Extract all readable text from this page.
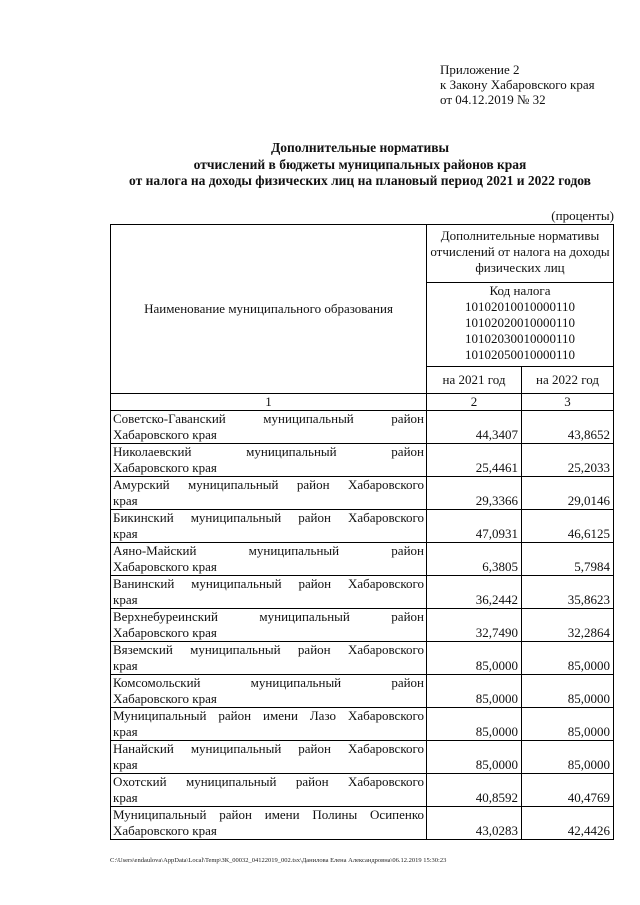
Приложение 2
к Закону Хабаровского края
от 04.12.2019 № 32
Дополнительные нормативы
отчислений в бюджеты муниципальных районов края
от налога на доходы физических лиц на плановый период 2021 и 2022 годов
(проценты)
Наименование муниципального образования	Дополнительные нормативы отчислений от налога на доходы физических лиц	

	Код налога
10102010010000110
10102020010000110
10102030010000110
10102050010000110	

	на 2021 год	на 2022 год
1	2	3
Советско-Гаванский муниципальный район
Хабаровского края	44,3407	43,8652
Николаевский муниципальный район
Хабаровского края	25,4461	25,2033
Амурский муниципальный район Хабаровского
края	29,3366	29,0146
Бикинский муниципальный район Хабаровского
края	47,0931	46,6125
Аяно-Майский муниципальный район
Хабаровского края	6,3805	5,7984
Ванинский муниципальный район Хабаровского
края	36,2442	35,8623
Верхнебуреинский муниципальный район
Хабаровского края	32,7490	32,2864
Вяземский муниципальный район Хабаровского
края	85,0000	85,0000
Комсомольский муниципальный район
Хабаровского края	85,0000	85,0000
Муниципальный район имени Лазо Хабаровского
края	85,0000	85,0000
Нанайский муниципальный район Хабаровского
края	85,0000	85,0000
Охотский муниципальный район Хабаровского
края	40,8592	40,4769
Муниципальный район имени Полины Осипенко
Хабаровского края	43,0283	42,4426
C:\Users\endaulova\AppData\Local\Temp\ЗК_00032_04122019_002.tsx\Данилова Елена Александровна\06.12.2019 15:30:23
